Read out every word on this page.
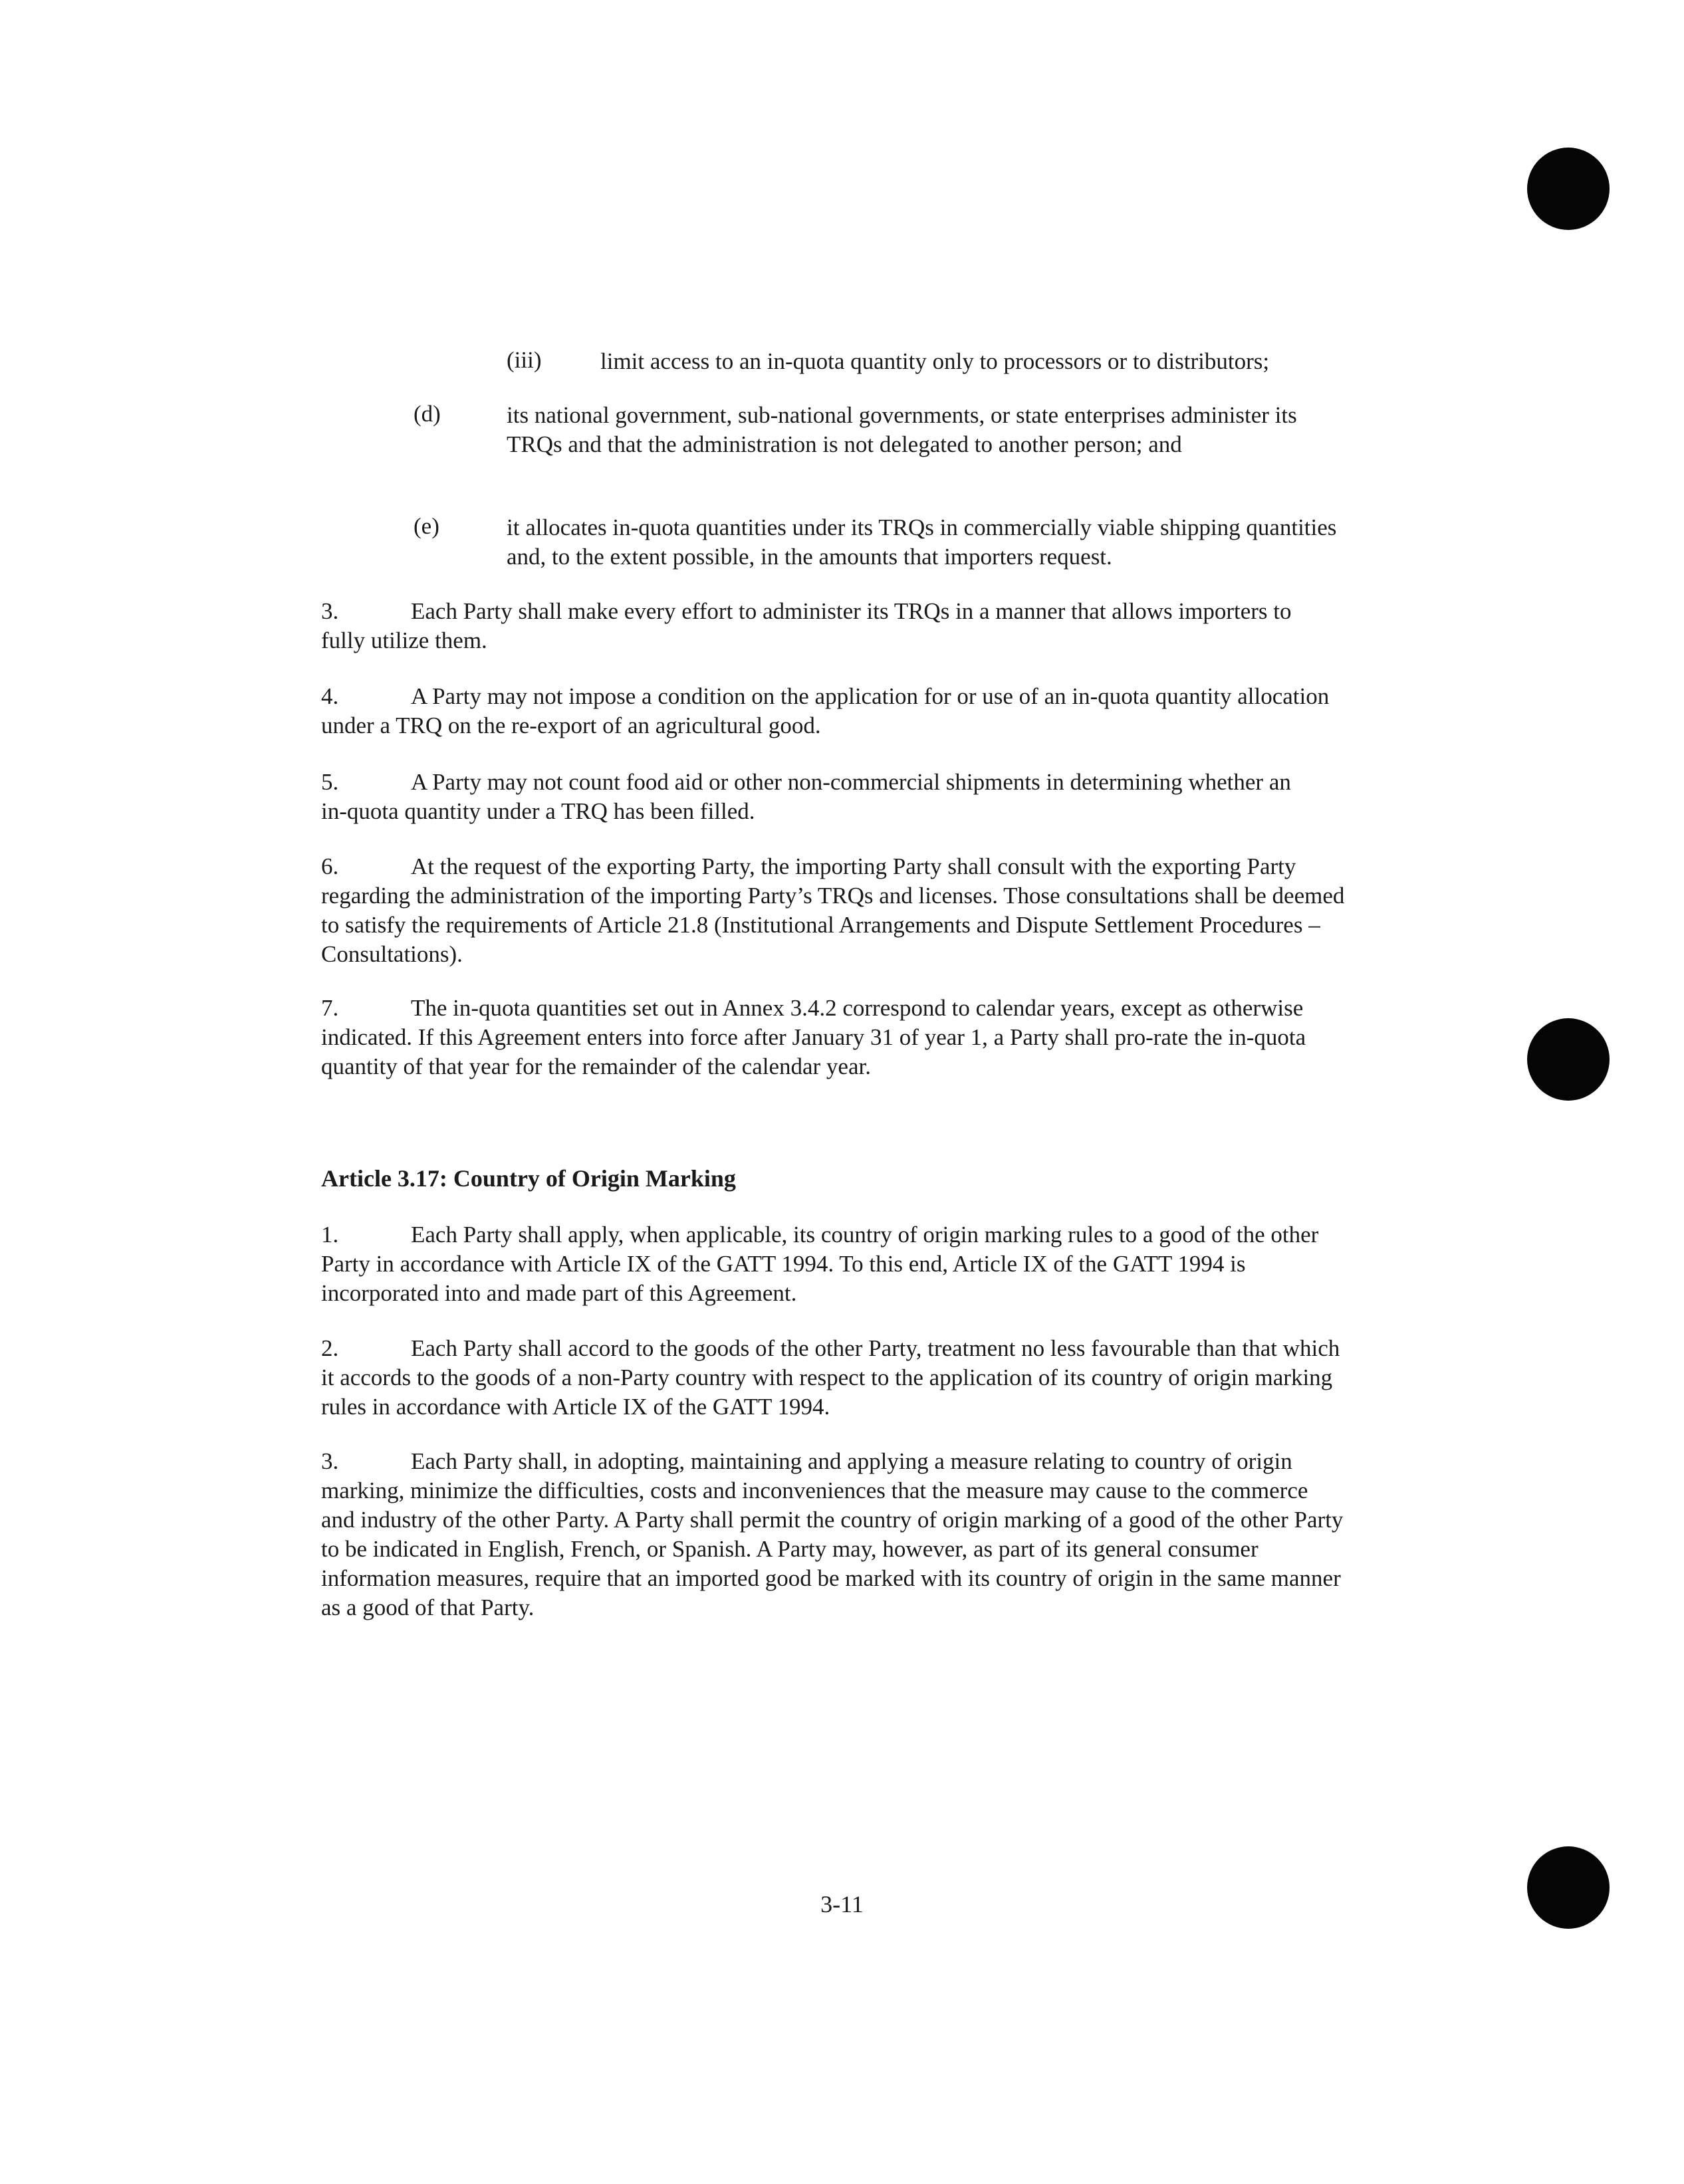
(iii)	limit access to an in-quota quantity only to processors or to distributors;
(d)	its national government, sub-national governments, or state enterprises administer its TRQs and that the administration is not delegated to another person; and
(e)	it allocates in-quota quantities under its TRQs in commercially viable shipping quantities and, to the extent possible, in the amounts that importers request.
3.	Each Party shall make every effort to administer its TRQs in a manner that allows importers to fully utilize them.
4.	A Party may not impose a condition on the application for or use of an in-quota quantity allocation under a TRQ on the re-export of an agricultural good.
5.	A Party may not count food aid or other non-commercial shipments in determining whether an in-quota quantity under a TRQ has been filled.
6.	At the request of the exporting Party, the importing Party shall consult with the exporting Party regarding the administration of the importing Party’s TRQs and licenses. Those consultations shall be deemed to satisfy the requirements of Article 21.8 (Institutional Arrangements and Dispute Settlement Procedures – Consultations).
7.	The in-quota quantities set out in Annex 3.4.2 correspond to calendar years, except as otherwise indicated. If this Agreement enters into force after January 31 of year 1, a Party shall pro-rate the in-quota quantity of that year for the remainder of the calendar year.
Article 3.17: Country of Origin Marking
1.	Each Party shall apply, when applicable, its country of origin marking rules to a good of the other Party in accordance with Article IX of the GATT 1994. To this end, Article IX of the GATT 1994 is incorporated into and made part of this Agreement.
2.	Each Party shall accord to the goods of the other Party, treatment no less favourable than that which it accords to the goods of a non-Party country with respect to the application of its country of origin marking rules in accordance with Article IX of the GATT 1994.
3.	Each Party shall, in adopting, maintaining and applying a measure relating to country of origin marking, minimize the difficulties, costs and inconveniences that the measure may cause to the commerce and industry of the other Party. A Party shall permit the country of origin marking of a good of the other Party to be indicated in English, French, or Spanish. A Party may, however, as part of its general consumer information measures, require that an imported good be marked with its country of origin in the same manner as a good of that Party.
3-11
